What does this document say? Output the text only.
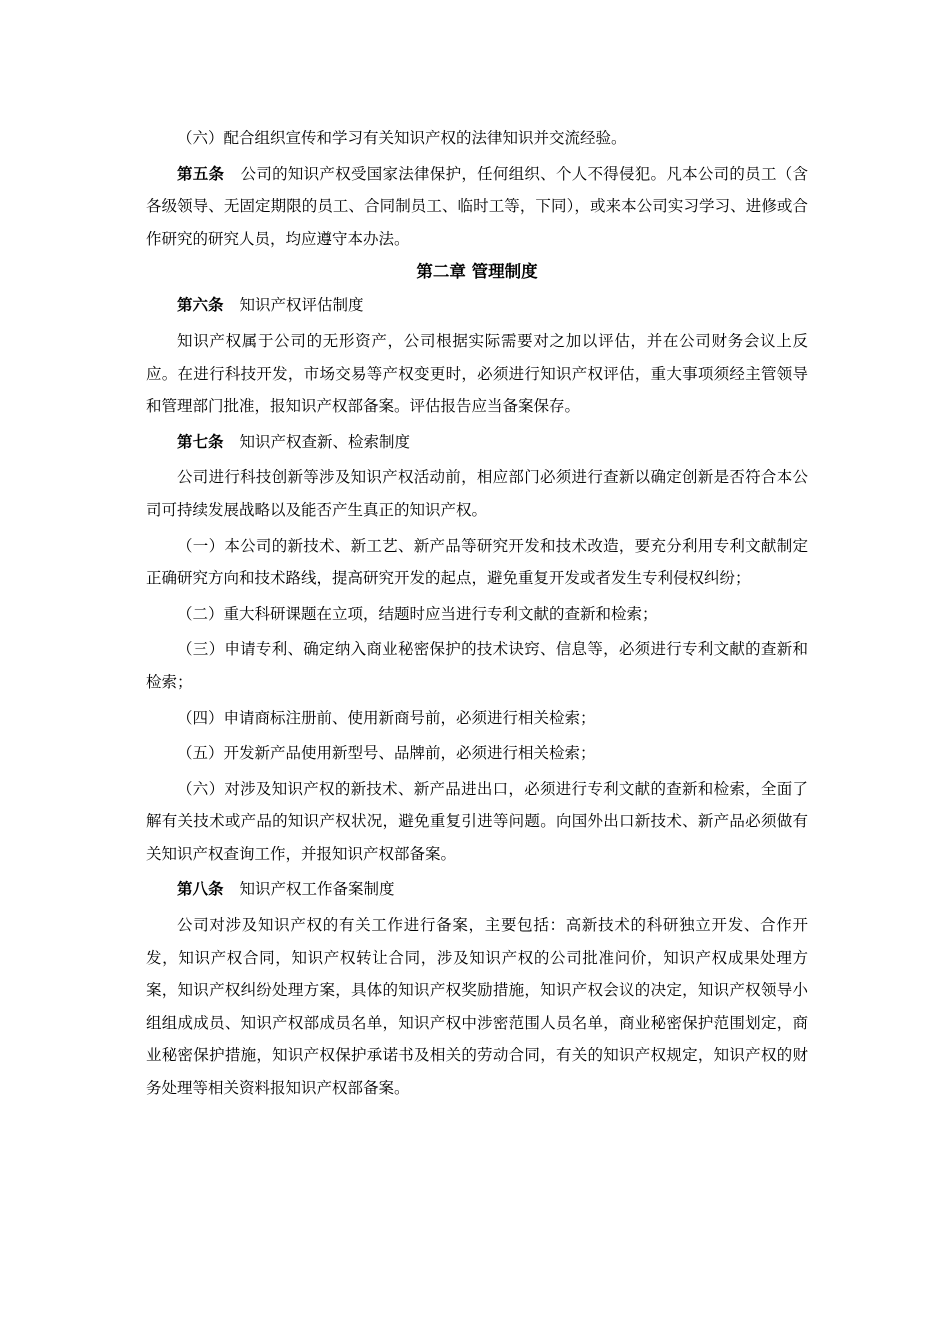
（六）配合组织宣传和学习有关知识产权的法律知识并交流经验。

第五条 公司的知识产权受国家法律保护，任何组织、个人不得侵犯。凡本公司的员工（含各级领导、无固定期限的员工、合同制员工、临时工等，下同），或来本公司实习学习、进修或合作研究的研究人员，均应遵守本办法。

第二章 管理制度

第六条 知识产权评估制度

知识产权属于公司的无形资产，公司根据实际需要对之加以评估，并在公司财务会议上反应。在进行科技开发，市场交易等产权变更时，必须进行知识产权评估，重大事项须经主管领导和管理部门批准，报知识产权部备案。评估报告应当备案保存。

第七条 知识产权查新、检索制度

公司进行科技创新等涉及知识产权活动前，相应部门必须进行查新以确定创新是否符合本公司可持续发展战略以及能否产生真正的知识产权。

（一）本公司的新技术、新工艺、新产品等研究开发和技术改造，要充分利用专利文献制定正确研究方向和技术路线，提高研究开发的起点，避免重复开发或者发生专利侵权纠纷；

（二）重大科研课题在立项，结题时应当进行专利文献的查新和检索；

（三）申请专利、确定纳入商业秘密保护的技术诀窍、信息等，必须进行专利文献的查新和检索；

（四）申请商标注册前、使用新商号前，必须进行相关检索；

（五）开发新产品使用新型号、品牌前，必须进行相关检索；

（六）对涉及知识产权的新技术、新产品进出口，必须进行专利文献的查新和检索，全面了解有关技术或产品的知识产权状况，避免重复引进等问题。向国外出口新技术、新产品必须做有关知识产权查询工作，并报知识产权部备案。

第八条 知识产权工作备案制度

公司对涉及知识产权的有关工作进行备案，主要包括：高新技术的科研独立开发、合作开发，知识产权合同，知识产权转让合同，涉及知识产权的公司批准问价，知识产权成果处理方案，知识产权纠纷处理方案，具体的知识产权奖励措施，知识产权会议的决定，知识产权领导小组组成成员、知识产权部成员名单，知识产权中涉密范围人员名单，商业秘密保护范围划定，商业秘密保护措施，知识产权保护承诺书及相关的劳动合同，有关的知识产权规定，知识产权的财务处理等相关资料报知识产权部备案。
